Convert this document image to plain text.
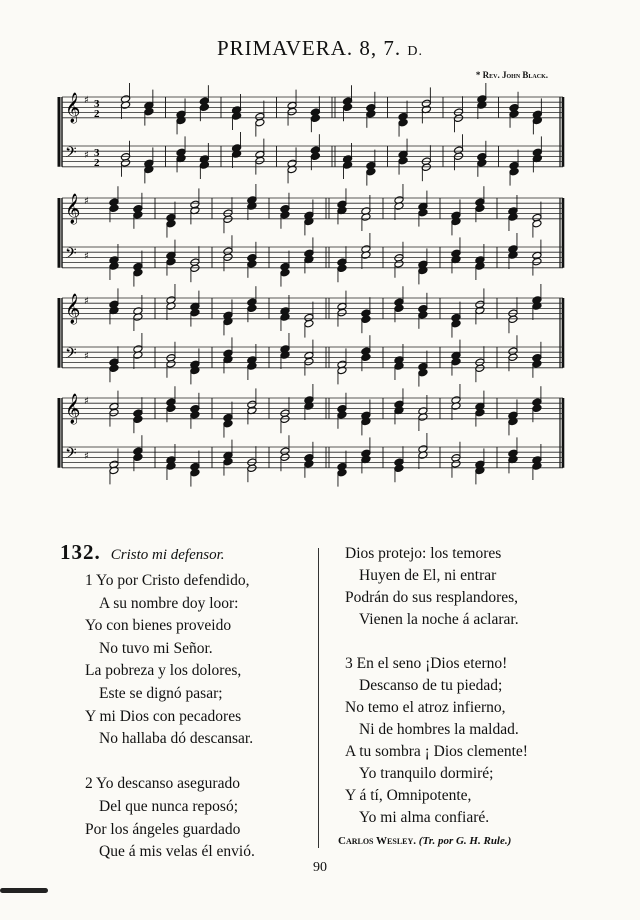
PRIMAVERA. 8, 7. D.
* Rev. John Black.
𝄞 ♯ 3
2
𝄢 ♯ 3
2
𝄞 ♯
𝄢 ♯
𝄞 ♯
𝄢 ♯
𝄞 ♯
𝄢 ♯
132. Cristo mi defensor.
1 Yo por Cristo defendido,
A su nombre doy loor:
Yo con bienes proveido
No tuvo mi Señor.
La pobreza y los dolores,
Este se dignó pasar;
Y mi Dios con pecadores
No hallaba dó descansar.
2 Yo descanso asegurado
Del que nunca reposó;
Por los ángeles guardado
Que á mis velas él envió.
Dios protejo: los temores
Huyen de El, ni entrar
Podrán do sus resplandores,
Vienen la noche á aclarar.
3 En el seno ¡Dios eterno!
Descanso de tu piedad;
No temo el atroz infierno,
Ni de hombres la maldad.
A tu sombra ¡ Dios clemente!
Yo tranquilo dormiré;
Y á tí, Omnipotente,
Yo mi alma confiaré.
Carlos Wesley. (Tr. por G. H. Rule.)
90
